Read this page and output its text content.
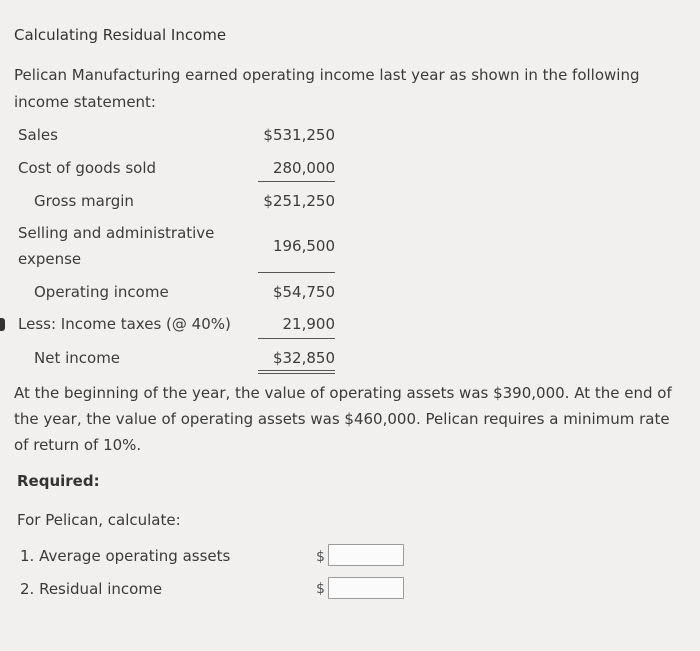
Calculating Residual Income
Pelican Manufacturing earned operating income last year as shown in the following income statement:
Sales	$531,250
Cost of goods sold	280,000
Gross margin	$251,250
Selling and administrative
expense
196,500
Operating income	$54,750
Less: Income taxes (@ 40%)	21,900
Net income	$32,850
At the beginning of the year, the value of operating assets was $390,000. At the end of the year, the value of operating assets was $460,000. Pelican requires a minimum rate of return of 10%.
Required:
For Pelican, calculate:
1. Average operating assets	$
2. Residual income	$
